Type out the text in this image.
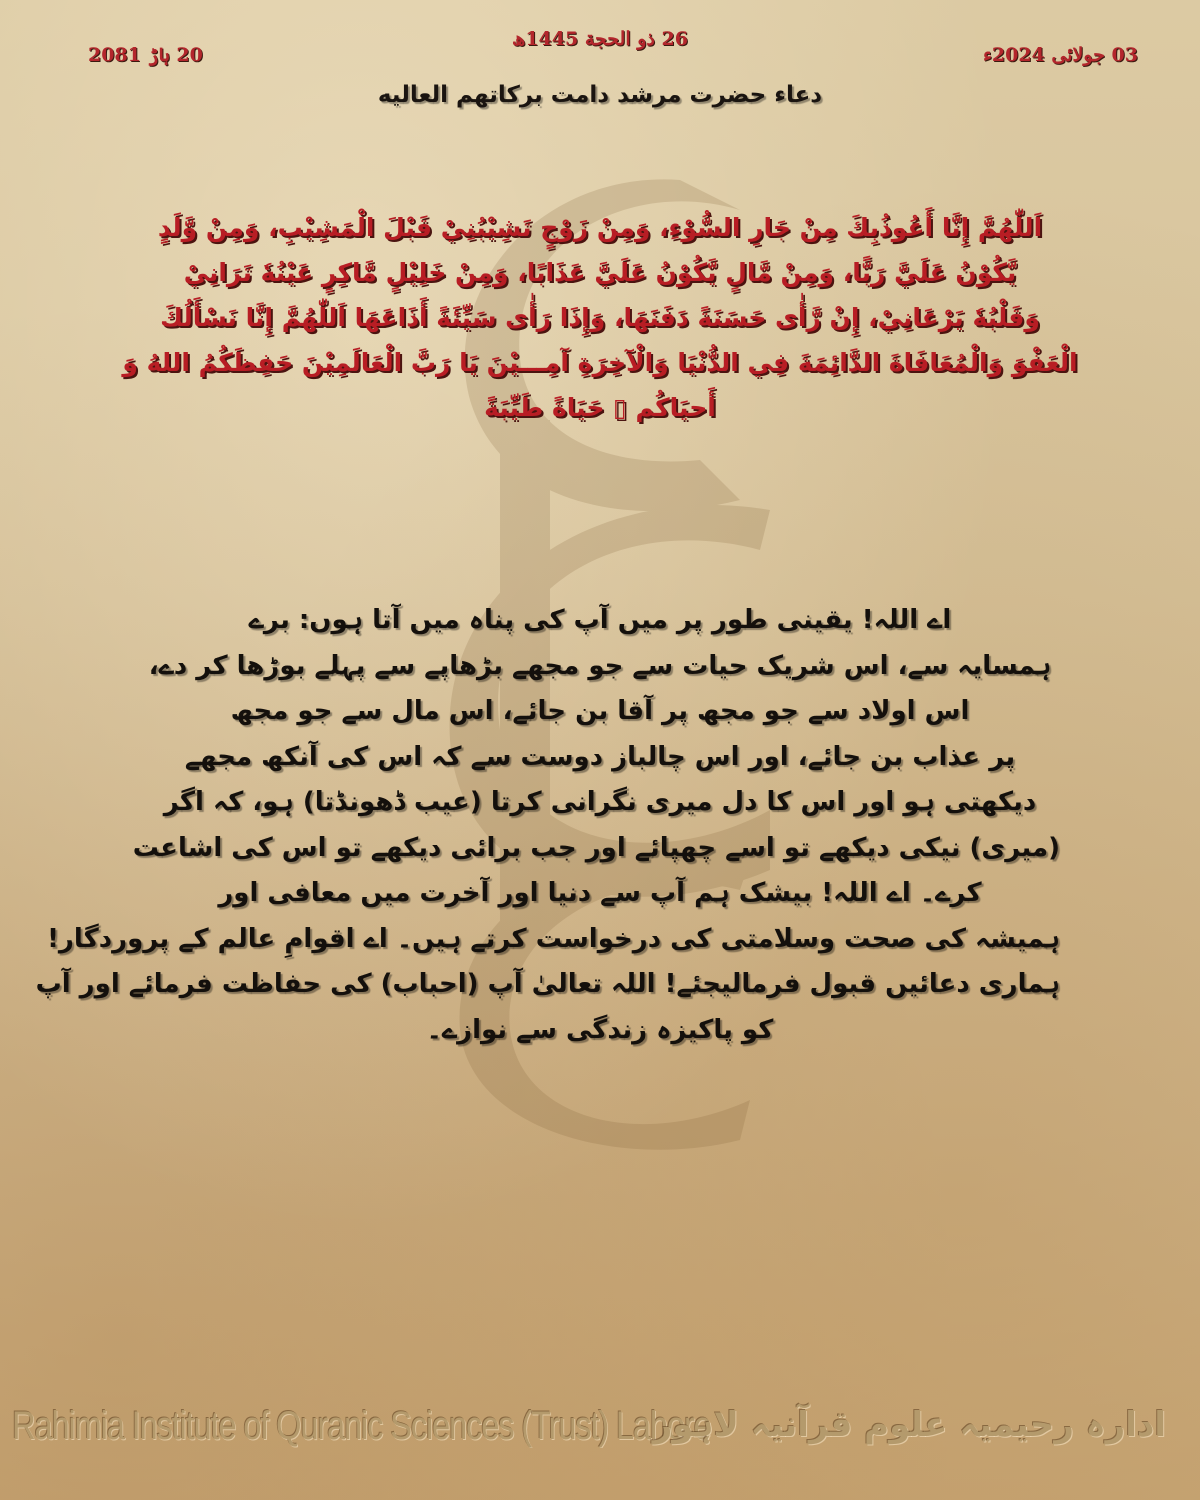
26 ذو الحجة 1445ھ
03 جولائی 2024ء
20 ہاڑ 2081
دعاء حضرت مرشد دامت برکاتهم العالیه
اَللّٰهُمَّ إِنَّا أَعُوذُبِكَ مِنْ جَارِ السُّوْءِ، وَمِنْ زَوْجٍ تَشِيْبُنِيْ قَبْلَ الْمَشِيْبِ، وَمِنْ وَّلَدٍ
يَّكُوْنُ عَلَيَّ رَبًّا، وَمِنْ مَّالٍ يَّكُوْنُ عَلَيَّ عَذَابًا، وَمِنْ خَلِيْلٍ مَّاكِرٍ عَيْنُهٗ تَرَانِيْ
وَقَلْبُهٗ يَرْعَانِيْ، إِنْ رَّأٰى حَسَنَةً دَفَنَهَا، وَإِذَا رَأٰى سَيِّئَةً أَذَاعَهَا اَللّٰهُمَّ إِنَّا نَسْأَلُكَ
الْعَفْوَ وَالْمُعَافَاةَ الدَّائِمَةَ فِي الدُّنْيَا وَالْآخِرَةِ آمِـــيْنَ يَا رَبَّ الْعَالَمِيْنَ حَفِظَكُمُ اللهُ وَ
أَحيَاكُم ▯ حَيَاةً طَيِّبَةً
اے اللہ! یقینی طور پر میں آپ کی پناہ میں آتا ہوں: برے
ہمسایہ سے، اس شریک حیات سے جو مجھے بڑھاپے سے پہلے بوڑھا کر دے،
اس اولاد سے جو مجھ پر آقا بن جائے، اس مال سے جو مجھ
پر عذاب بن جائے، اور اس چالباز دوست سے کہ اس کی آنکھ مجھے
دیکھتی ہو اور اس کا دل میری نگرانی کرتا (عیب ڈھونڈتا) ہو، کہ اگر
(میری) نیکی دیکھے تو اسے چھپائے اور جب برائی دیکھے تو اس کی اشاعت
کرے۔ اے اللہ! بیشک ہم آپ سے دنیا اور آخرت میں معافی اور
ہمیشہ کی صحت وسلامتی کی درخواست کرتے ہیں۔ اے اقوامِ عالم کے پروردگار!
ہماری دعائیں قبول فرمالیجئے! اللہ تعالیٰ آپ (احباب) کی حفاظت فرمائے اور آپ
کو پاکیزہ زندگی سے نوازے۔
Rahimia Institute of Quranic Sciences (Trust) Lahore
ادارہ رحیمیہ علوم قرآنیہ لاہور
